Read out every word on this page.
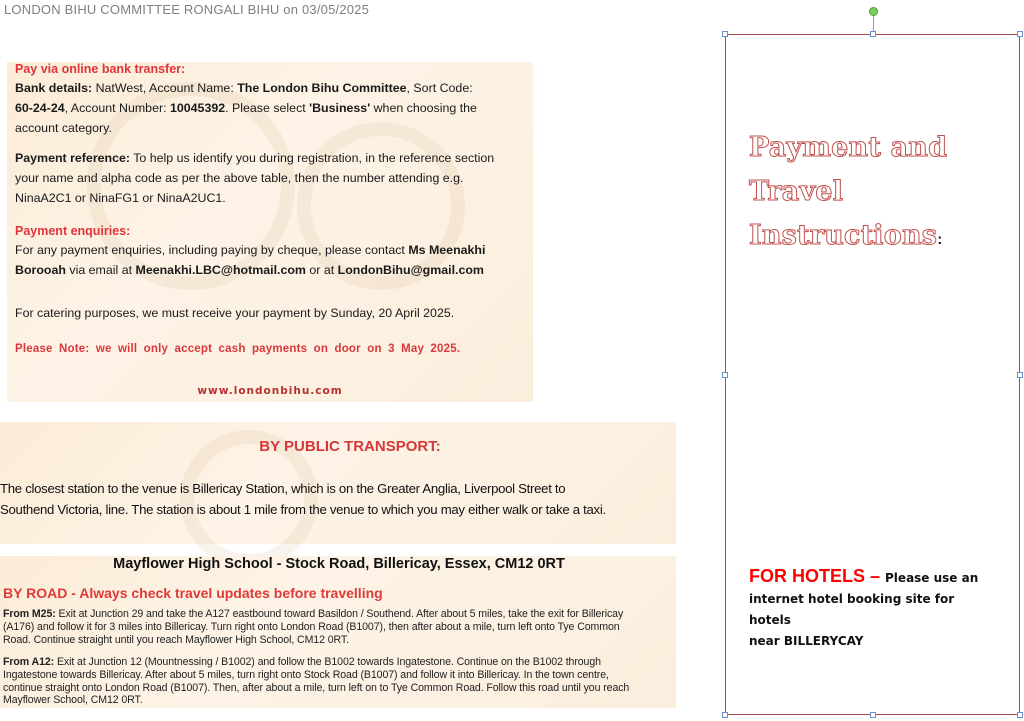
LONDON BIHU COMMITTEE RONGALI BIHU on 03/05/2025
Pay via online bank transfer:
Bank details: NatWest, Account Name: The London Bihu Committee, Sort Code:
60-24-24, Account Number: 10045392. Please select 'Business' when choosing the
account category.
Payment reference: To help us identify you during registration, in the reference section
your name and alpha code as per the above table, then the number attending e.g.
NinaA2C1 or NinaFG1 or NinaA2UC1.
Payment enquiries:
For any payment enquiries, including paying by cheque, please contact Ms Meenakhi
Borooah via email at Meenakhi.LBC@hotmail.com or at LondonBihu@gmail.com
For catering purposes, we must receive your payment by Sunday, 20 April 2025.
Please Note: we will only accept cash payments on door on 3 May 2025.
www.londonbihu.com
BY PUBLIC TRANSPORT:
The closest station to the venue is Billericay Station, which is on the Greater Anglia, Liverpool Street to
Southend Victoria, line. The station is about 1 mile from the venue to which you may either walk or take a taxi.
Mayflower High School - Stock Road, Billericay, Essex, CM12 0RT
BY ROAD - Always check travel updates before travelling
From M25: Exit at Junction 29 and take the A127 eastbound toward Basildon / Southend. After about 5 miles, take the exit for Billericay
(A176) and follow it for 3 miles into Billericay. Turn right onto London Road (B1007), then after about a mile, turn left onto Tye Common
Road. Continue straight until you reach Mayflower High School, CM12 0RT.
From A12: Exit at Junction 12 (Mountnessing / B1002) and follow the B1002 towards Ingatestone. Continue on the B1002 through
Ingatestone towards Billericay. After about 5 miles, turn right onto Stock Road (B1007) and follow it into Billericay. In the town centre,
continue straight onto London Road (B1007). Then, after about a mile, turn left on to Tye Common Road. Follow this road until you reach
Mayflower School, CM12 0RT.
Payment and
Travel
Instructions:
FOR HOTELS – Please use an
internet hotel booking site for hotels
near BILLERYCAY
